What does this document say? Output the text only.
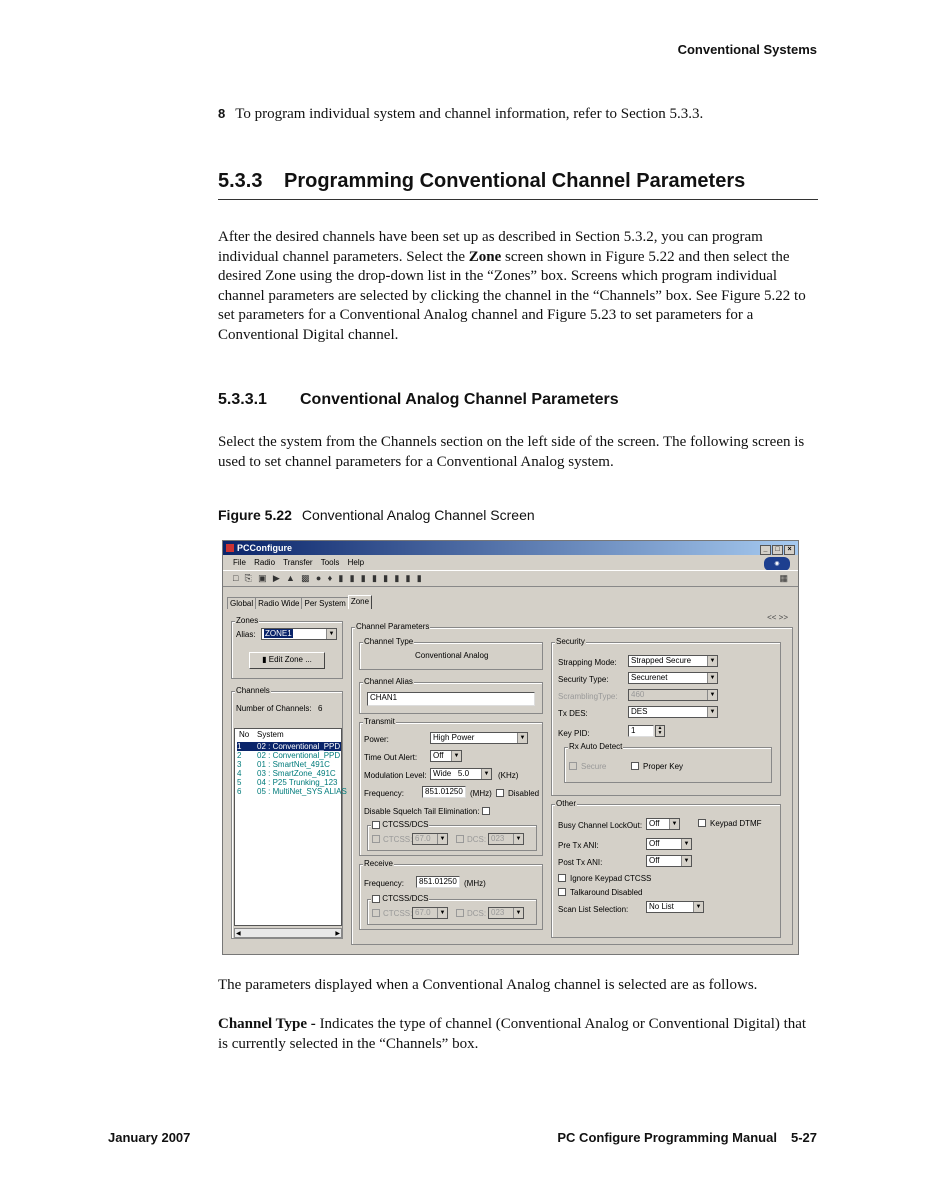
Conventional Systems
8 To program individual system and channel information, refer to Section 5.3.3.
5.3.3 Programming Conventional Channel Parameters
After the desired channels have been set up as described in Section 5.3.2, you can program individual channel parameters. Select the Zone screen shown in Figure 5.22 and then select the desired Zone using the drop-down list in the “Zones” box. Screens which program individual channel parameters are selected by clicking the channel in the “Channels” box. See Figure 5.22 to set parameters for a Conventional Analog channel and Figure 5.23 to set parameters for a Conventional Digital channel.
5.3.3.1 Conventional Analog Channel Parameters
Select the system from the Channels section on the left side of the screen. The following screen is used to set channel parameters for a Conventional Analog system.
Figure 5.22 Conventional Analog Channel Screen
PCConfigure	_ □ ×
File Radio Transfer Tools Help	◉
□ ⎘ ▣ ▶ ▲ ▩ ● ♦ ▮ ▮ ▮ ▮ ▮ ▮ ▮ ▮	▦
Global Radio Wide Per System Zone
<< >>
Zones
Alias:	ZONE1	▼
▮ Edit Zone ...
Channels
Number of Channels: 6
No System
1 02 : Conventional_PPD
2 02 : Conventional_PPD
3 01 : SmartNet_491C
4 03 : SmartZone_491C
5 04 : P25 Trunking_123
6 05 : MultiNet_SYS ALIAS
◀	▶
Channel Parameters
Channel Type
Conventional Analog
Channel Alias
CHAN1
Transmit
Power:	High Power	▼
Time Out Alert:	Off	▼
Modulation Level: Wide 5.0	▼ (KHz)
Frequency:	851.01250 (MHz) Disabled
Disable Squelch Tail Elimination:
CTCSS/DCS
CTCSS: 67.0	▼	DCS: 023	▼
Receive
Frequency:	851.01250 (MHz)
CTCSS/DCS
CTCSS: 67.0	▼	DCS: 023	▼
Security
Strapping Mode:	Strapped Secure	▼
Security Type:	Securenet	▼
ScramblingType:	460	▼
Tx DES:	DES	▼
Key PID:	1	▲
▼
Rx Auto Detect
Secure	Proper Key
Other
Busy Channel LockOut: Off	▼	Keypad DTMF
Pre Tx ANI:	Off	▼
Post Tx ANI:	Off	▼
Ignore Keypad CTCSS
Talkaround Disabled
Scan List Selection:	No List	▼
The parameters displayed when a Conventional Analog channel is selected are as follows.
Channel Type - Indicates the type of channel (Conventional Analog or Conventional Digital) that is currently selected in the “Channels” box.
January 2007	PC Configure Programming Manual 5-27
